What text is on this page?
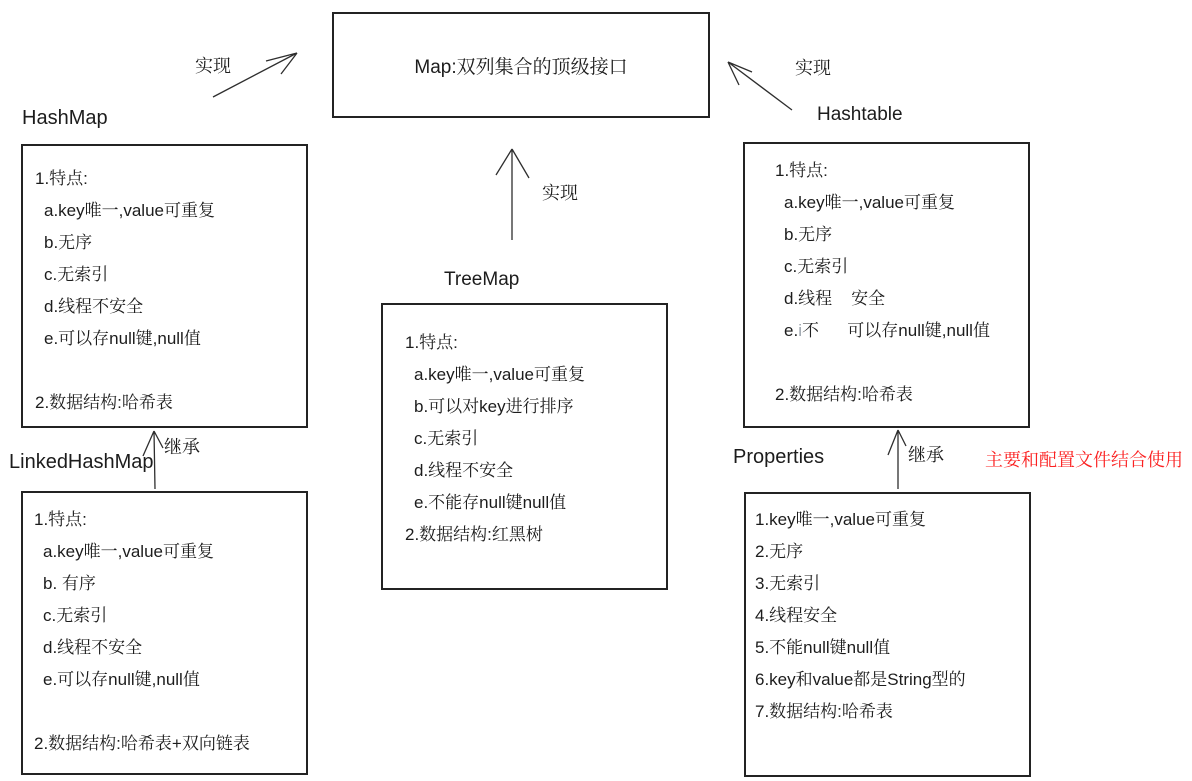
Map:双列集合的顶级接口
实现
实现
实现
继承	继承
HashMap
1.特点:
a.key唯一,value可重复
b.无序
c.无索引
d.线程不安全
e.可以存null键,null值
2.数据结构:哈希表
TreeMap
1.特点:
a.key唯一,value可重复
b.可以对key进行排序
c.无索引
d.线程不安全
e.不能存null键null值
2.数据结构:红黑树
Hashtable
1.特点:
a.key唯一,value可重复
b.无序
c.无索引
d.线程    安全
e.i不      可以存null键,null值
2.数据结构:哈希表
LinkedHashMap
1.特点:
a.key唯一,value可重复
b. 有序
c.无索引
d.线程不安全
e.可以存null键,null值
2.数据结构:哈希表+双向链表
Properties
1.key唯一,value可重复
2.无序
3.无索引
4.线程安全
5.不能null键null值
6.key和value都是String型的
7.数据结构:哈希表
主要和配置文件结合使用
